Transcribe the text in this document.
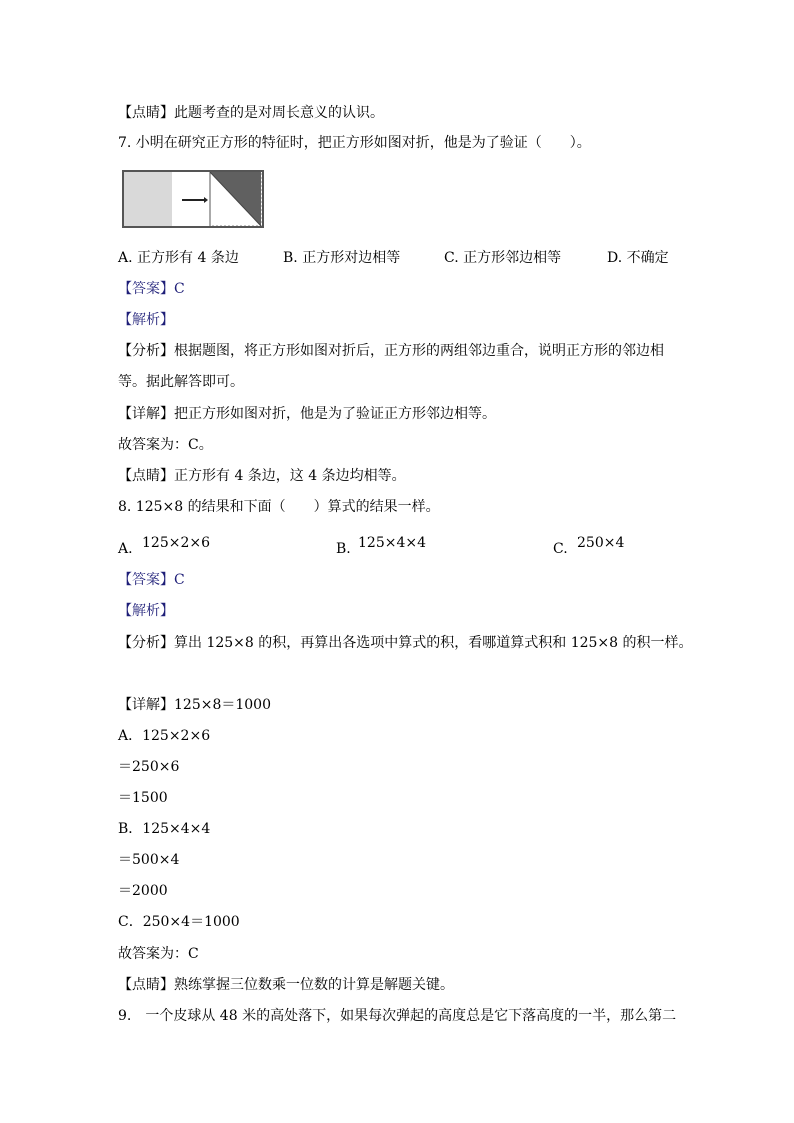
【点睛】此题考查的是对周长意义的认识。
7. 小明在研究正方形的特征时，把正方形如图对折，他是为了验证（　　）。
A. 正方形有 4 条边	B. 正方形对边相等	C. 正方形邻边相等	D. 不确定
【答案】C
【解析】
【分析】根据题图，将正方形如图对折后，正方形的两组邻边重合，说明正方形的邻边相
等。据此解答即可。
【详解】把正方形如图对折，他是为了验证正方形邻边相等。
故答案为：C。
【点睛】正方形有 4 条边，这 4 条边均相等。
8. 125×8 的结果和下面（　　）算式的结果一样。
A. 125×2×6	B. 125×4×4	C. 250×4
【答案】C
【解析】
【分析】算出 125×8 的积，再算出各选项中算式的积，看哪道算式积和 125×8 的积一样。
【详解】125×8＝1000
A．125×2×6
＝250×6
＝1500
B．125×4×4
＝500×4
＝2000
C．250×4＝1000
故答案为：C
【点睛】熟练掌握三位数乘一位数的计算是解题关键。
9.　一个皮球从 48 米的高处落下，如果每次弹起的高度总是它下落高度的一半，那么第二
